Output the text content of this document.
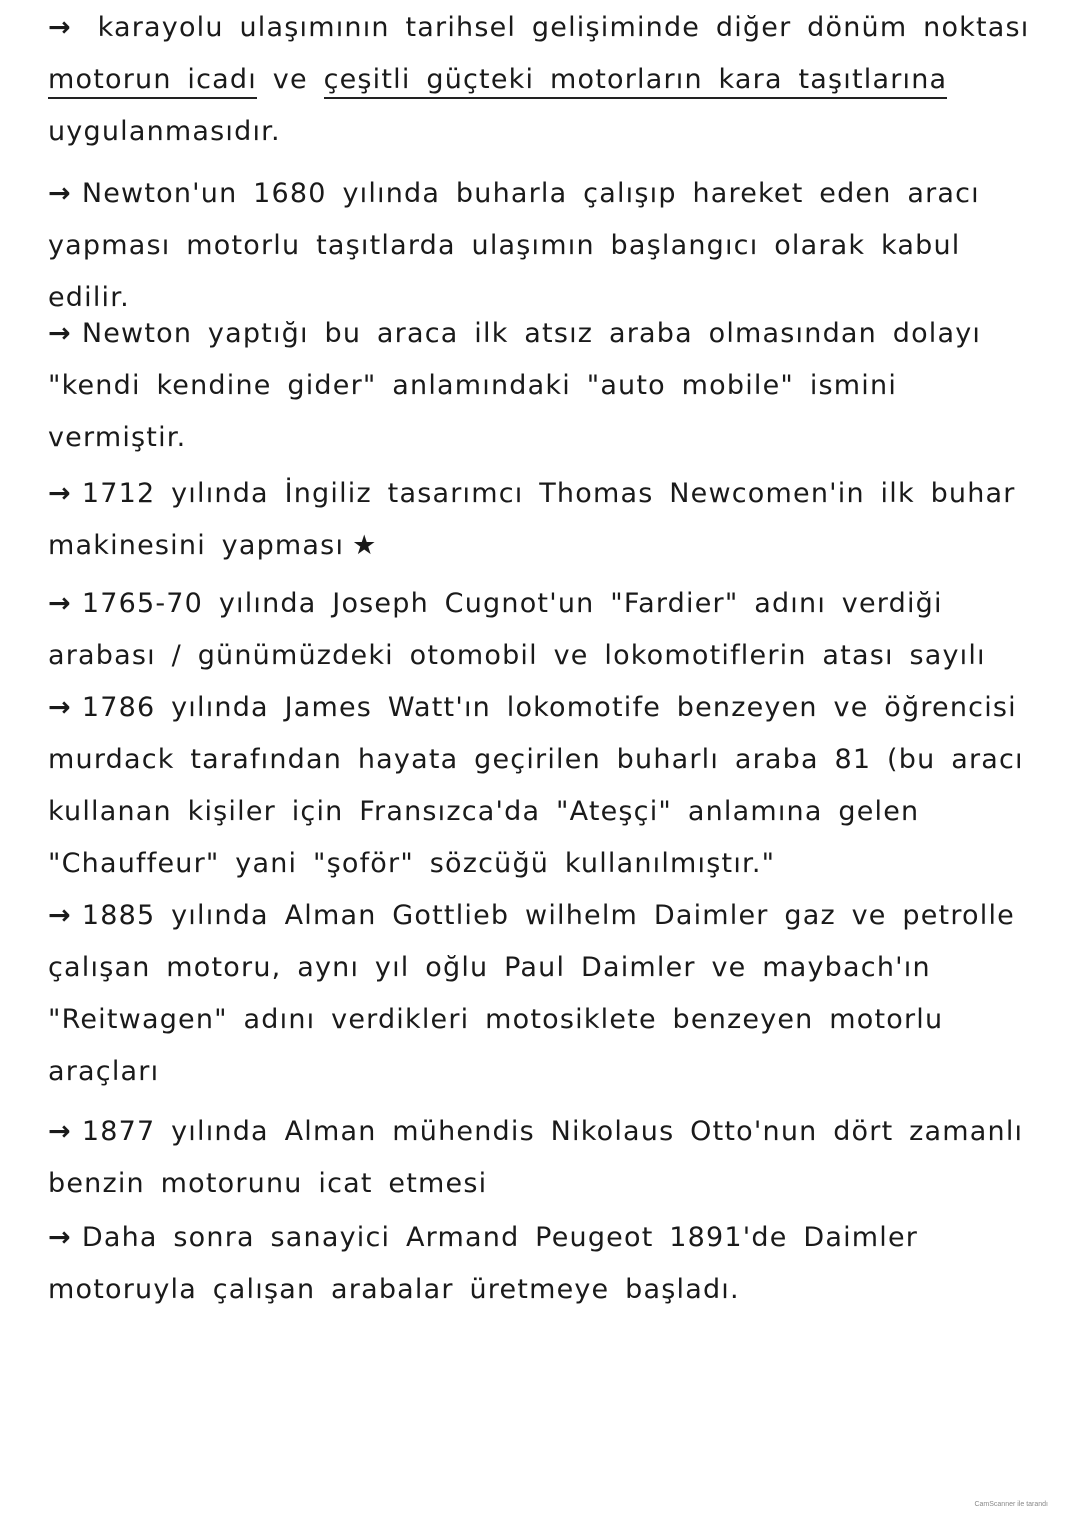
→ karayolu ulaşımının tarihsel gelişiminde diğer dönüm noktası motorun icadı ve çeşitli güçteki motorların kara taşıtlarına uygulanmasıdır.
→ Newton'un 1680 yılında buharla çalışıp hareket eden aracı yapması motorlu taşıtlarda ulaşımın başlangıcı olarak kabul edilir.
→ Newton yaptığı bu araca ilk atsız araba olmasından dolayı "kendi kendine gider" anlamındaki "auto mobile" ismini vermiştir.
→ 1712 yılında İngiliz tasarımcı Thomas Newcomen'in ilk buhar makinesini yapması ★
→ 1765-70 yılında Joseph Cugnot'un "Fardier" adını verdiği arabası / günümüzdeki otomobil ve lokomotiflerin atası sayılı
→ 1786 yılında James Watt'ın lokomotife benzeyen ve öğrencisi murdack tarafından hayata geçirilen buharlı araba 81 (bu aracı kullanan kişiler için Fransızca'da "Ateşçi" anlamına gelen "Chauffeur" yani "şoför" sözcüğü kullanılmıştır."
→ 1885 yılında Alman Gottlieb wilhelm Daimler gaz ve petrolle çalışan motoru, aynı yıl oğlu Paul Daimler ve maybach'ın "Reitwagen" adını verdikleri motosiklete benzeyen motorlu araçları
→ 1877 yılında Alman mühendis Nikolaus Otto'nun dört zamanlı benzin motorunu icat etmesi
→ Daha sonra sanayici Armand Peugeot 1891'de Daimler motoruyla çalışan arabalar üretmeye başladı.
CamScanner ile tarandı
